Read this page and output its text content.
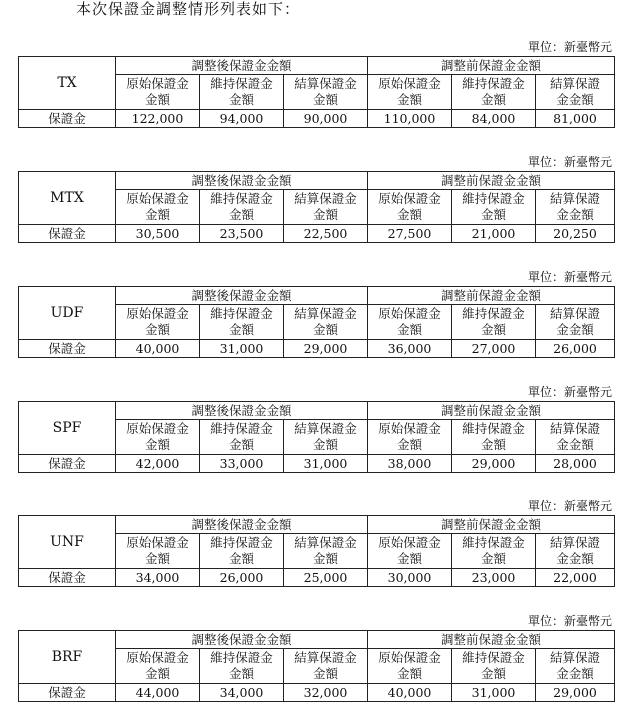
本次保證金調整情形列表如下：
單位：新臺幣元
TX	調整後保證金金額			調整前保證金金額		

	原始保證金金額	維持保證金金額	結算保證金金額	原始保證金金額	維持保證金金額	結算保證金金額

保證金	122,000	94,000	90,000	110,000	84,000	81,000
單位：新臺幣元
MTX	調整後保證金金額			調整前保證金金額		

	原始保證金金額	維持保證金金額	結算保證金金額	原始保證金金額	維持保證金金額	結算保證金金額

保證金	30,500	23,500	22,500	27,500	21,000	20,250
單位：新臺幣元
UDF	調整後保證金金額			調整前保證金金額		

	原始保證金金額	維持保證金金額	結算保證金金額	原始保證金金額	維持保證金金額	結算保證金金額

保證金	40,000	31,000	29,000	36,000	27,000	26,000
單位：新臺幣元
SPF	調整後保證金金額			調整前保證金金額		

	原始保證金金額	維持保證金金額	結算保證金金額	原始保證金金額	維持保證金金額	結算保證金金額

保證金	42,000	33,000	31,000	38,000	29,000	28,000
單位：新臺幣元
UNF	調整後保證金金額			調整前保證金金額		

	原始保證金金額	維持保證金金額	結算保證金金額	原始保證金金額	維持保證金金額	結算保證金金額

保證金	34,000	26,000	25,000	30,000	23,000	22,000
單位：新臺幣元
BRF	調整後保證金金額			調整前保證金金額		

	原始保證金金額	維持保證金金額	結算保證金金額	原始保證金金額	維持保證金金額	結算保證金金額

保證金	44,000	34,000	32,000	40,000	31,000	29,000
